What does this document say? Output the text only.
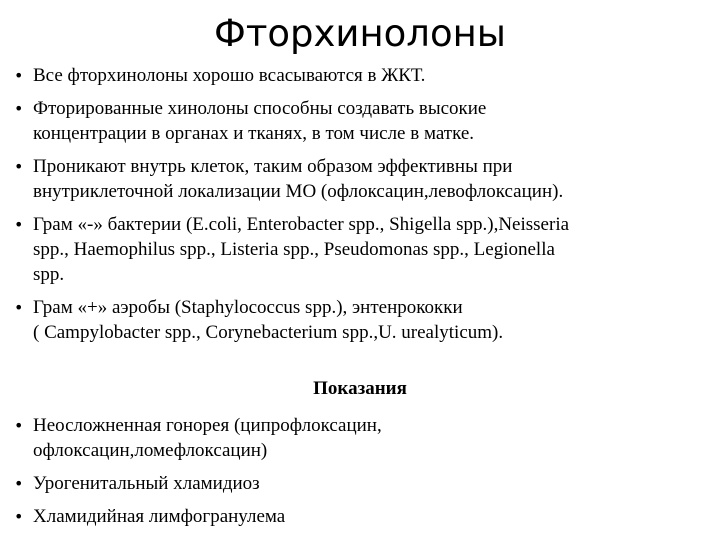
Фторхинолоны
• Все фторхинолоны хорошо всасываются в ЖКТ.
• Фторированные хинолоны способны создавать высокие
концентрации в органах и тканях, в том числе в матке.
• Проникают внутрь клеток, таким образом эффективны при
внутриклеточной локализации МО (офлоксацин,левофлоксацин).
• Грам «-» бактерии (E.coli, Enterobacter spp., Shigella spp.),Neisseria
spp., Haemophilus spp., Listeria spp., Pseudomonas spp., Legionella
spp.
• Грам «+» аэробы (Staphylococcus spp.), энтенрококки
( Campylobacter spp., Corynebacterium spp.,U. urealyticum).
Показания
• Неосложненная гонорея (ципрофлоксацин,
офлоксацин,ломефлоксацин)
• Урогенитальный хламидиоз
• Хламидийная лимфогранулема
